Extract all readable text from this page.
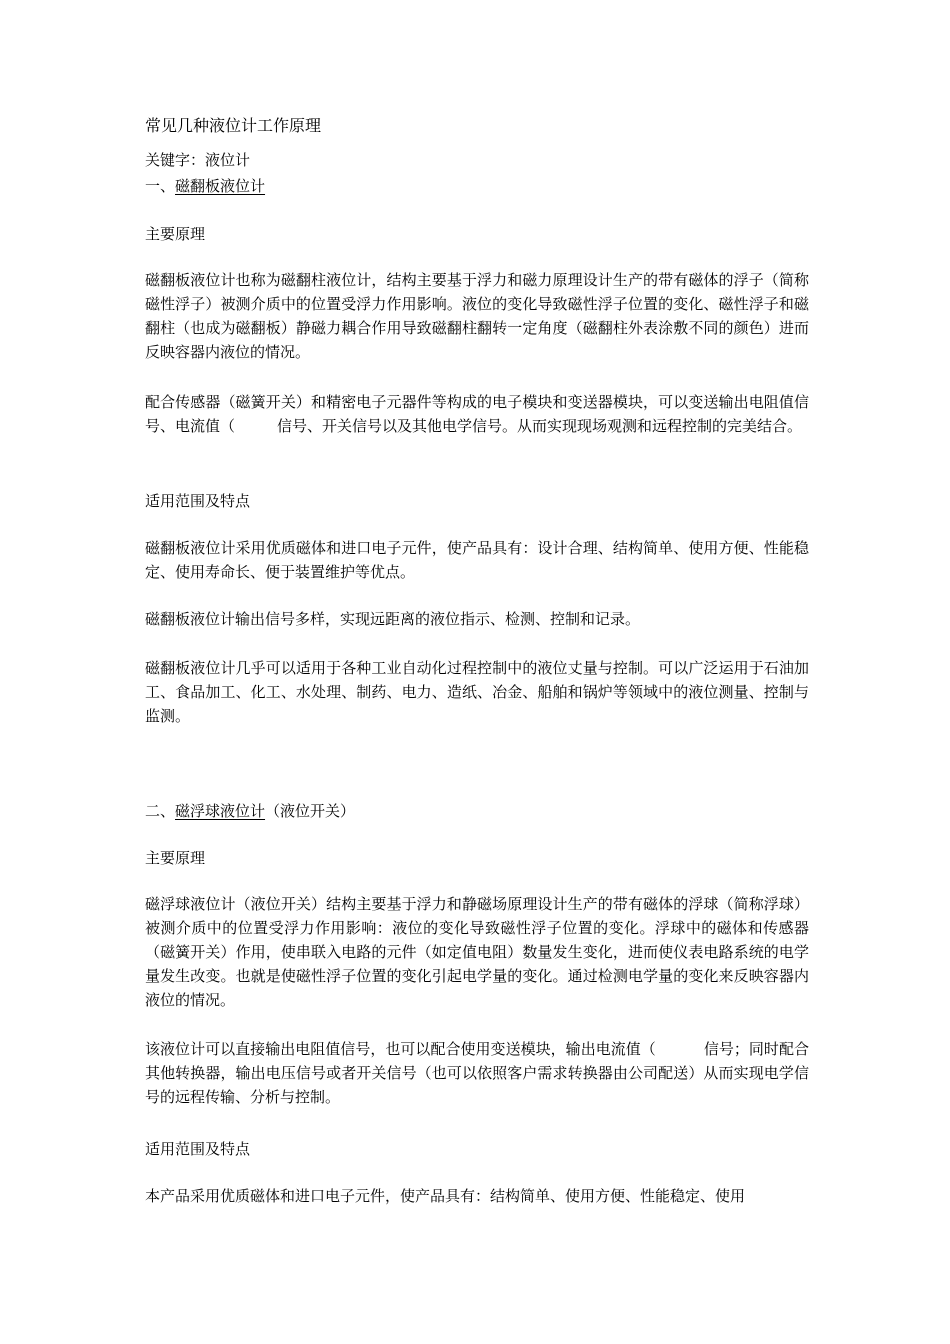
常见几种液位计工作原理
关键字：液位计
一、磁翻板液位计
主要原理

磁翻板液位计也称为磁翻柱液位计，结构主要基于浮力和磁力原理设计生产的带有磁体的浮子（简称磁性浮子）被测介质中的位置受浮力作用影响。液位的变化导致磁性浮子位置的变化、磁性浮子和磁翻柱（也成为磁翻板）静磁力耦合作用导致磁翻柱翻转一定角度（磁翻柱外表涂敷不同的颜色）进而反映容器内液位的情况。

配合传感器（磁簧开关）和精密电子元器件等构成的电子模块和变送器模块，可以变送输出电阻值信号、电流值（	信号、开关信号以及其他电学信号。从而实现现场观测和远程控制的完美结合。

适用范围及特点

磁翻板液位计采用优质磁体和进口电子元件，使产品具有：设计合理、结构简单、使用方便、性能稳定、使用寿命长、便于装置维护等优点。

磁翻板液位计输出信号多样，实现远距离的液位指示、检测、控制和记录。

磁翻板液位计几乎可以适用于各种工业自动化过程控制中的液位丈量与控制。可以广泛运用于石油加工、食品加工、化工、水处理、制药、电力、造纸、冶金、船舶和锅炉等领域中的液位测量、控制与监测。

二、磁浮球液位计（液位开关）
主要原理

磁浮球液位计（液位开关）结构主要基于浮力和静磁场原理设计生产的带有磁体的浮球（简称浮球）被测介质中的位置受浮力作用影响：液位的变化导致磁性浮子位置的变化。浮球中的磁体和传感器（磁簧开关）作用，使串联入电路的元件（如定值电阻）数量发生变化，进而使仪表电路系统的电学量发生改变。也就是使磁性浮子位置的变化引起电学量的变化。通过检测电学量的变化来反映容器内液位的情况。

该液位计可以直接输出电阻值信号，也可以配合使用变送模块，输出电流值（	信号；同时配合其他转换器，输出电压信号或者开关信号（也可以依照客户需求转换器由公司配送）从而实现电学信号的远程传输、分析与控制。

适用范围及特点

本产品采用优质磁体和进口电子元件，使产品具有：结构简单、使用方便、性能稳定、使用
